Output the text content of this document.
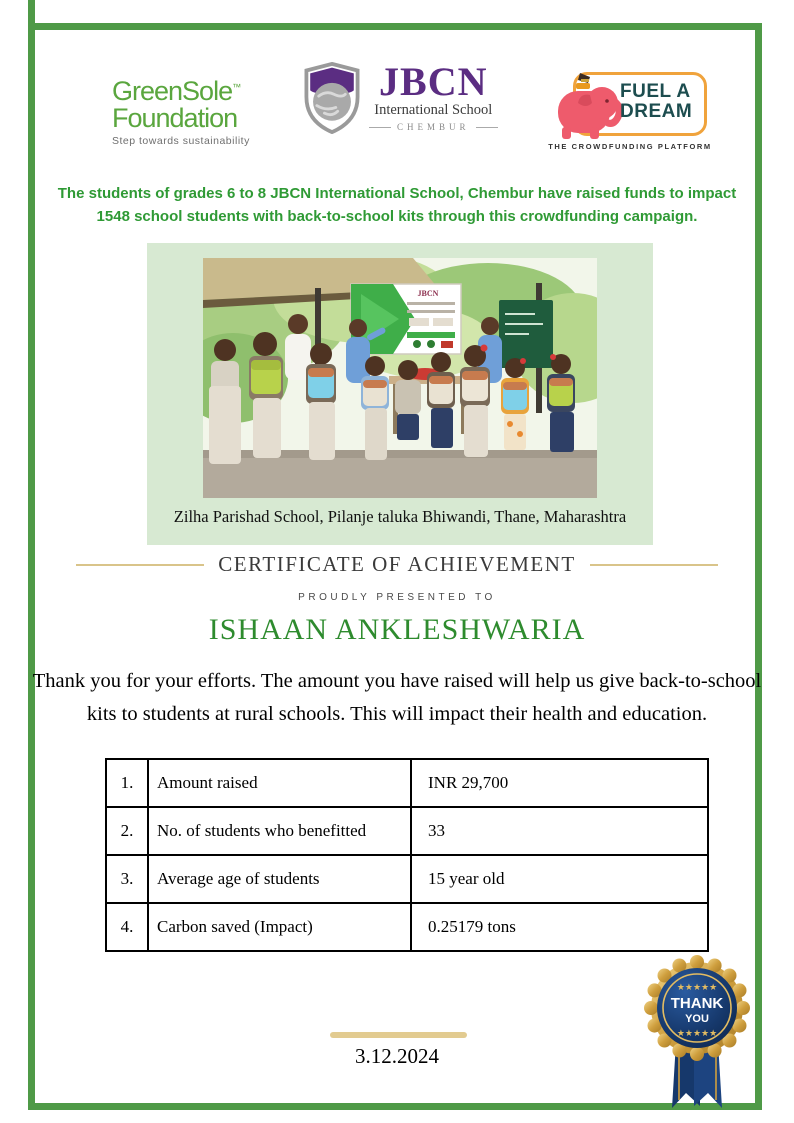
GreenSole™
Foundation
Step towards sustainability
JBCN
International School
CHEMBUR
FUEL A
DREAM
THE CROWDFUNDING PLATFORM
The students of grades 6 to 8 JBCN International School, Chembur have raised funds to impact 1548 school students with back-to-school kits through this crowdfunding campaign.
JBCN
Zilha Parishad School, Pilanje taluka Bhiwandi, Thane, Maharashtra
CERTIFICATE OF ACHIEVEMENT
PROUDLY PRESENTED TO
ISHAAN ANKLESHWARIA
Thank you for your efforts. The amount you have raised will help us give back-to-school kits to students at rural schools. This will impact their health and education.
1.	Amount raised	INR 29,700
2.	No. of students who benefitted	33
3.	Average age of students	15 year old
4.	Carbon saved (Impact)	0.25179 tons
3.12.2024
★★★★★
THANK
YOU
★★★★★
